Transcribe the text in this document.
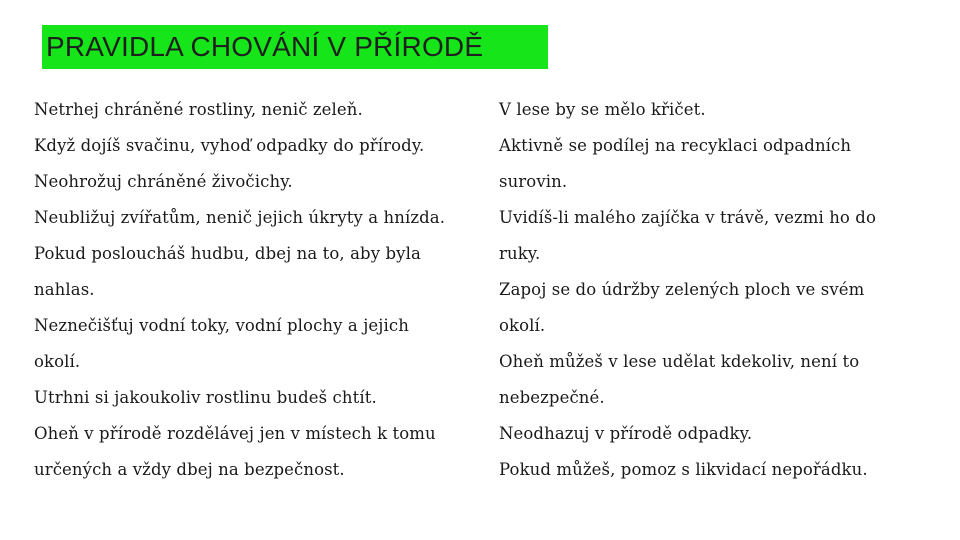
PRAVIDLA CHOVÁNÍ V PŘÍRODĚ
Netrhej chráněné rostliny, nenič zeleň.
Když dojíš svačinu, vyhoď odpadky do přírody.
Neohrožuj chráněné živočichy.
Neubližuj zvířatům, nenič jejich úkryty a hnízda.
Pokud posloucháš hudbu, dbej na to, aby byla
nahlas.
Neznečišťuj vodní toky, vodní plochy a jejich
okolí.
Utrhni si jakoukoliv rostlinu budeš chtít.
Oheň v přírodě rozdělávej jen v místech k tomu
určených a vždy dbej na bezpečnost.
V lese by se mělo křičet.
Aktivně se podílej na recyklaci odpadních
surovin.
Uvidíš-li malého zajíčka v trávě, vezmi ho do
ruky.
Zapoj se do údržby zelených ploch ve svém
okolí.
Oheň můžeš v lese udělat kdekoliv, není to
nebezpečné.
Neodhazuj v přírodě odpadky.
Pokud můžeš, pomoz s likvidací nepořádku.
